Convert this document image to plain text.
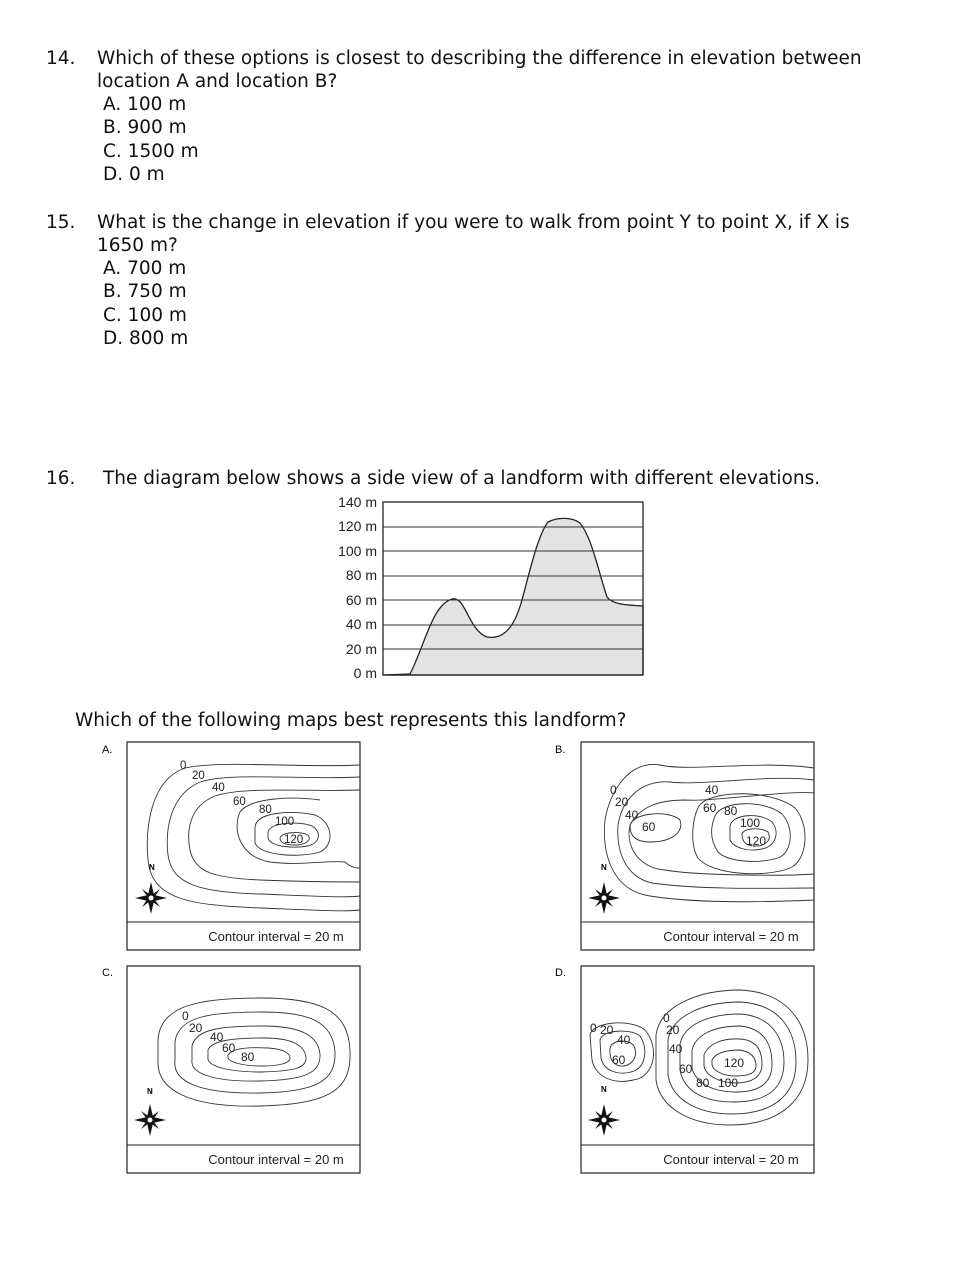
14. Which of these options is closest to describing the difference in elevation between location A and location B?
A. 100 m
B. 900 m
C. 1500 m
D. 0 m
15. What is the change in elevation if you were to walk from point Y to point X, if X is 1650 m?
A. 700 m
B. 750 m
C. 100 m
D. 800 m
16. The diagram below shows a side view of a landform with different elevations.
140 m
120 m
100 m
80 m
60 m
40 m
20 m
0 m
Which of the following maps best represents this landform?
A.
0
20
40
60
80
100
120
N
Contour interval = 20 m
B.
0
20
40
60
40
60 80
100
120
N
Contour interval = 20 m
C.
0
20
40
60
80
N
Contour interval = 20 m
D.
0 20
40
60
0
20
40
60
80 100
120
N
Contour interval = 20 m
